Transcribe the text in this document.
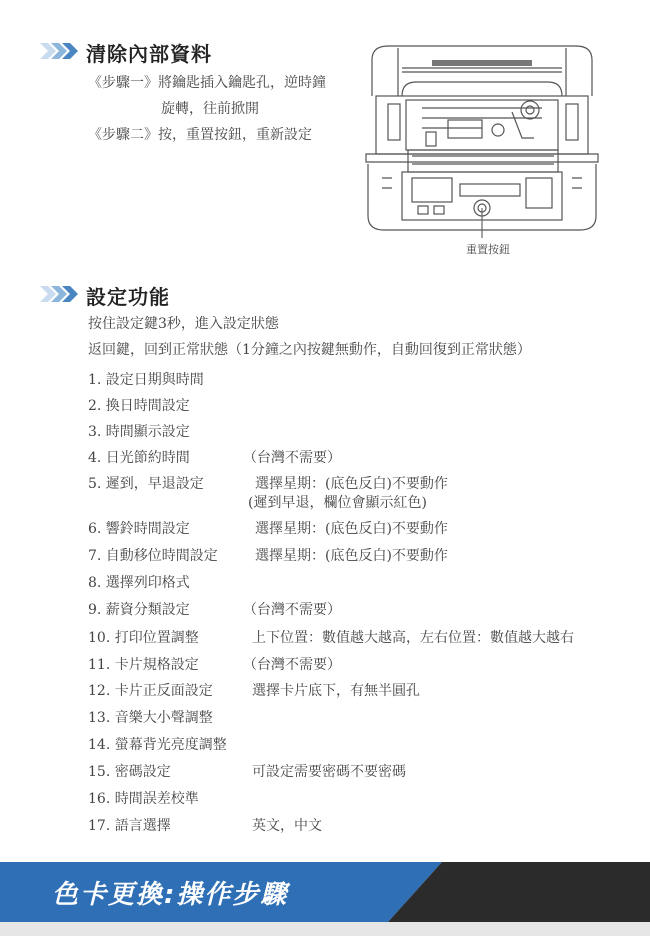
清除內部資料
《步驟一》將鑰匙插入鑰匙孔，逆時鐘
旋轉，往前掀開
《步驟二》按，重置按鈕，重新設定
重置按鈕
設定功能
按住設定鍵3秒，進入設定狀態
返回鍵，回到正常狀態（1分鐘之內按鍵無動作，自動回復到正常狀態）
1. 設定日期與時間
2. 換日時間設定
3. 時間顯示設定
4. 日光節約時間	（台灣不需要）
5. 遲到，早退設定	選擇星期：(底色反白)不要動作
(遲到早退，欄位會顯示紅色)
6. 響鈴時間設定	選擇星期：(底色反白)不要動作
7. 自動移位時間設定	選擇星期：(底色反白)不要動作
8. 選擇列印格式
9. 薪資分類設定	（台灣不需要）
10. 打印位置調整	上下位置：數值越大越高，左右位置：數值越大越右
11. 卡片規格設定	（台灣不需要）
12. 卡片正反面設定	選擇卡片底下，有無半圓孔
13. 音樂大小聲調整
14. 螢幕背光亮度調整
15. 密碼設定	可設定需要密碼不要密碼
16. 時間誤差校準
17. 語言選擇	英文，中文
色卡更換:操作步驟
